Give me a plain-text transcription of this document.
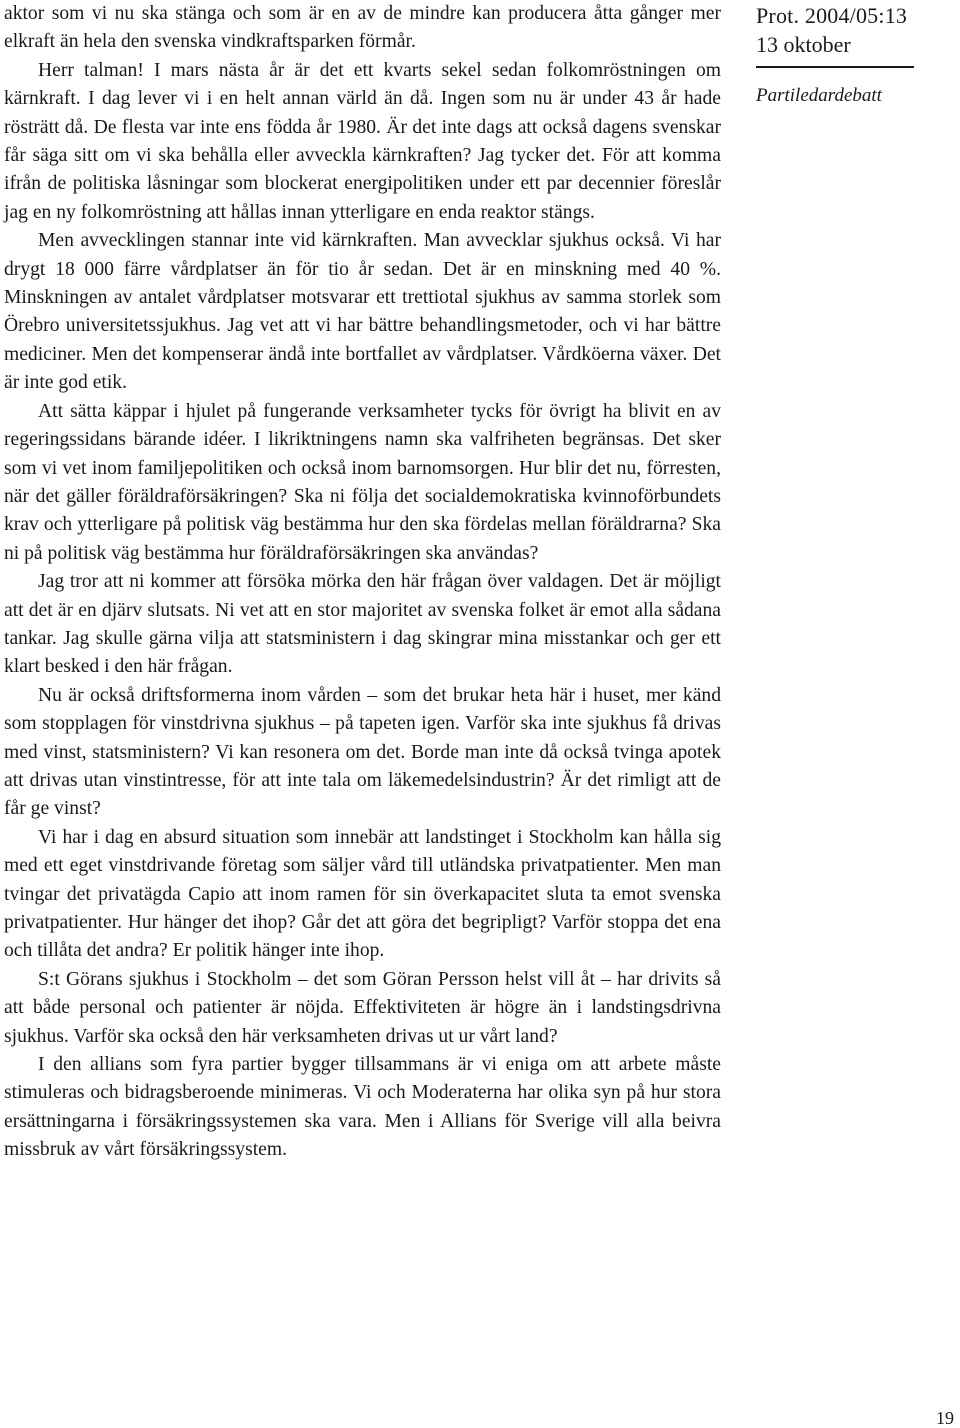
aktor som vi nu ska stänga och som är en av de mindre kan producera åtta gånger mer elkraft än hela den svenska vindkraftsparken förmår.

Herr talman! I mars nästa år är det ett kvarts sekel sedan folkomröstningen om kärnkraft. I dag lever vi i en helt annan värld än då. Ingen som nu är under 43 år hade rösträtt då. De flesta var inte ens födda år 1980. Är det inte dags att också dagens svenskar får säga sitt om vi ska behålla eller avveckla kärnkraften? Jag tycker det. För att komma ifrån de politiska låsningar som blockerat energipolitiken under ett par decennier föreslår jag en ny folkomröstning att hållas innan ytterligare en enda reaktor stängs.

Men avvecklingen stannar inte vid kärnkraften. Man avvecklar sjukhus också. Vi har drygt 18 000 färre vårdplatser än för tio år sedan. Det är en minskning med 40 %. Minskningen av antalet vårdplatser motsvarar ett trettiotal sjukhus av samma storlek som Örebro universitetssjukhus. Jag vet att vi har bättre behandlingsmetoder, och vi har bättre mediciner. Men det kompenserar ändå inte bortfallet av vårdplatser. Vårdköerna växer. Det är inte god etik.

Att sätta käppar i hjulet på fungerande verksamheter tycks för övrigt ha blivit en av regeringssidans bärande idéer. I likriktningens namn ska valfriheten begränsas. Det sker som vi vet inom familjepolitiken och också inom barnomsorgen. Hur blir det nu, förresten, när det gäller föräldraförsäkringen? Ska ni följa det socialdemokratiska kvinnoförbundets krav och ytterligare på politisk väg bestämma hur den ska fördelas mellan föräldrarna? Ska ni på politisk väg bestämma hur föräldraförsäkringen ska användas?

Jag tror att ni kommer att försöka mörka den här frågan över valdagen. Det är möjligt att det är en djärv slutsats. Ni vet att en stor majoritet av svenska folket är emot alla sådana tankar. Jag skulle gärna vilja att statsministern i dag skingrar mina misstankar och ger ett klart besked i den här frågan.

Nu är också driftsformerna inom vården – som det brukar heta här i huset, mer känd som stopplagen för vinstdrivna sjukhus – på tapeten igen. Varför ska inte sjukhus få drivas med vinst, statsministern? Vi kan resonera om det. Borde man inte då också tvinga apotek att drivas utan vinstintresse, för att inte tala om läkemedelsindustrin? Är det rimligt att de får ge vinst?

Vi har i dag en absurd situation som innebär att landstinget i Stockholm kan hålla sig med ett eget vinstdrivande företag som säljer vård till utländska privatpatienter. Men man tvingar det privatägda Capio att inom ramen för sin överkapacitet sluta ta emot svenska privatpatienter. Hur hänger det ihop? Går det att göra det begripligt? Varför stoppa det ena och tillåta det andra? Er politik hänger inte ihop.

S:t Görans sjukhus i Stockholm – det som Göran Persson helst vill åt – har drivits så att både personal och patienter är nöjda. Effektiviteten är högre än i landstingsdrivna sjukhus. Varför ska också den här verksamheten drivas ut ur vårt land?

I den allians som fyra partier bygger tillsammans är vi eniga om att arbete måste stimuleras och bidragsberoende minimeras. Vi och Moderaterna har olika syn på hur stora ersättningarna i försäkringssystemen ska vara. Men i Allians för Sverige vill alla beivra missbruk av vårt försäkringssystem.

Prot. 2004/05:13
13 oktober
Partiledardebatt
19
